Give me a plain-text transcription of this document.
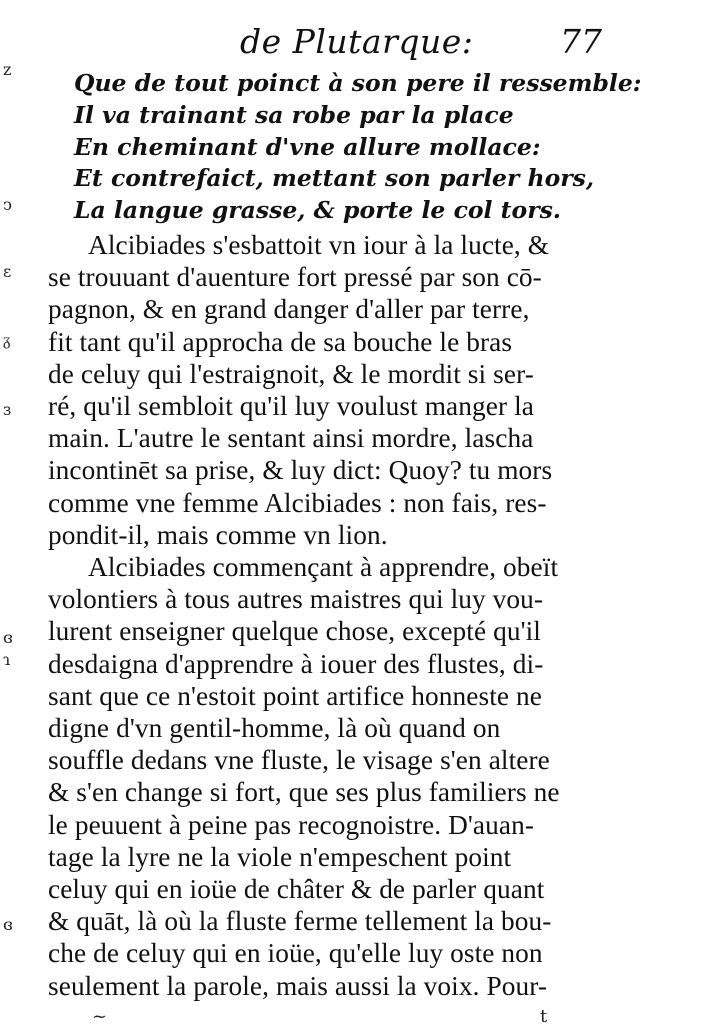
de Plutarque:	77
Que de tout poinct à son pere il ressemble:
Il va trainant sa robe par la place
En cheminant d'vne allure mollace:
Et contrefaict, mettant son parler hors,
La langue grasse, & porte le col tors.
Alcibiades s'esbattoit vn iour à la lucte, &
se trouuant d'auenture fort pressé par son cō-
pagnon, & en grand danger d'aller par terre,
fit tant qu'il approcha de sa bouche le bras
de celuy qui l'estraignoit, & le mordit si ser-
ré, qu'il sembloit qu'il luy voulust manger la
main. L'autre le sentant ainsi mordre, lascha
incontinēt sa prise, & luy dict: Quoy? tu mors
comme vne femme Alcibiades : non fais, res-
pondit-il, mais comme vn lion.
Alcibiades commençant à apprendre, obeït
volontiers à tous autres maistres qui luy vou-
lurent enseigner quelque chose, excepté qu'il
desdaigna d'apprendre à iouer des flustes, di-
sant que ce n'estoit point artifice honneste ne
digne d'vn gentil-homme, là où quand on
souffle dedans vne fluste, le visage s'en altere
& s'en change si fort, que ses plus familiers ne
le peuuent à peine pas recognoistre. D'auan-
tage la lyre ne la viole n'empeschent point
celuy qui en ioüe de châter & de parler quant
& quāt, là où la fluste ferme tellement la bou-
che de celuy qui en ioüe, qu'elle luy oste non
seulement la parole, mais aussi la voix. Pour-
z
ↄ
ɛ
ᵹ
ɜ
ɞ
ɿ
ɞ
~	t
